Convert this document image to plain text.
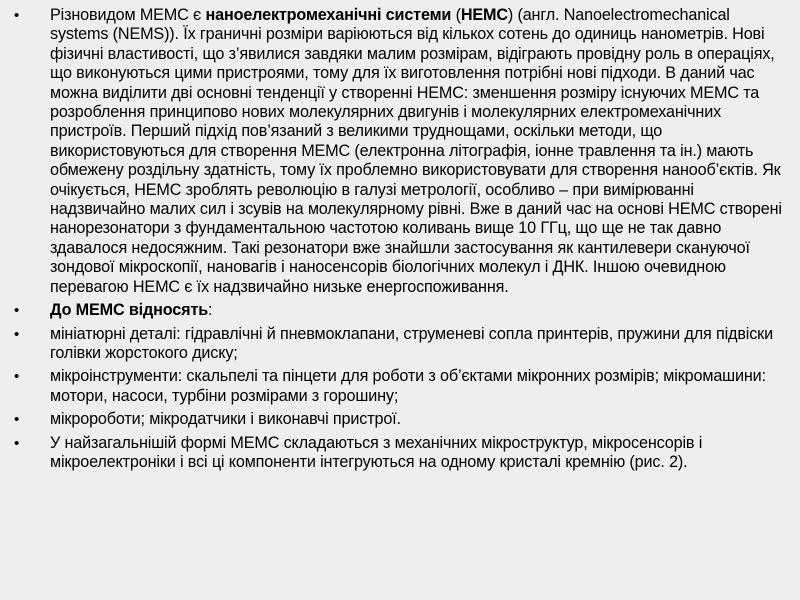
•	Різновидом МЕМС є наноелектромеханічні системи (НЕМС) (англ. Nanoelectromechanical systems (NEMS)). Їх граничні розміри варіюються від кількох сотень до одиниць нанометрів. Нові фізичні властивості, що з’явилися завдяки малим розмірам, відіграють провідну роль в операціях, що виконуються цими пристроями, тому для їх виготовлення потрібні нові підходи. В даний час можна виділити дві основні тенденції у створенні НЕМС: зменшення розміру існуючих МЕМС та розроблення принципово нових молекулярних двигунів і молекулярних електромеханічних пристроїв. Перший підхід пов’язаний з великими труднощами, оскільки методи, що використовуються для створення МЕМС (електронна літографія, іонне травлення та ін.) мають обмежену роздільну здатність, тому їх проблемно використовувати для створення нанооб’єктів. Як очікується, НЕМС зроблять революцію в галузі метрології, особливо – при вимірюванні надзвичайно малих сил і зсувів на молекулярному рівні. Вже в даний час на основі НЕМС створені нанорезонатори з фундаментальною частотою коливань вище 10 ГГц, що ще не так давно здавалося недосяжним. Такі резонатори вже знайшли застосування як кантилевери скануючої зондової мікроскопії, нановагів і наносенсорів біологічних молекул і ДНК. Іншою очевидною перевагою НЕМС є їх надзвичайно низьке енергоспоживання.
•	До МЕМС відносять:
•	мініатюрні деталі: гідравлічні й пневмоклапани, струменеві сопла принтерів, пружини для підвіски голівки жорстокого диску;
•	мікроінструменти: скальпелі та пінцети для роботи з об’єктами мікронних розмірів; мікромашини: мотори, насоси, турбіни розмірами з горошину;
•	мікророботи; мікродатчики і виконавчі пристрої.
•	У найзагальнішій формі МЕМС складаються з механічних мікроструктур, мікросенсорів і мікроелектроніки і всі ці компоненти інтегруються на одному кристалі кремнію (рис. 2).
